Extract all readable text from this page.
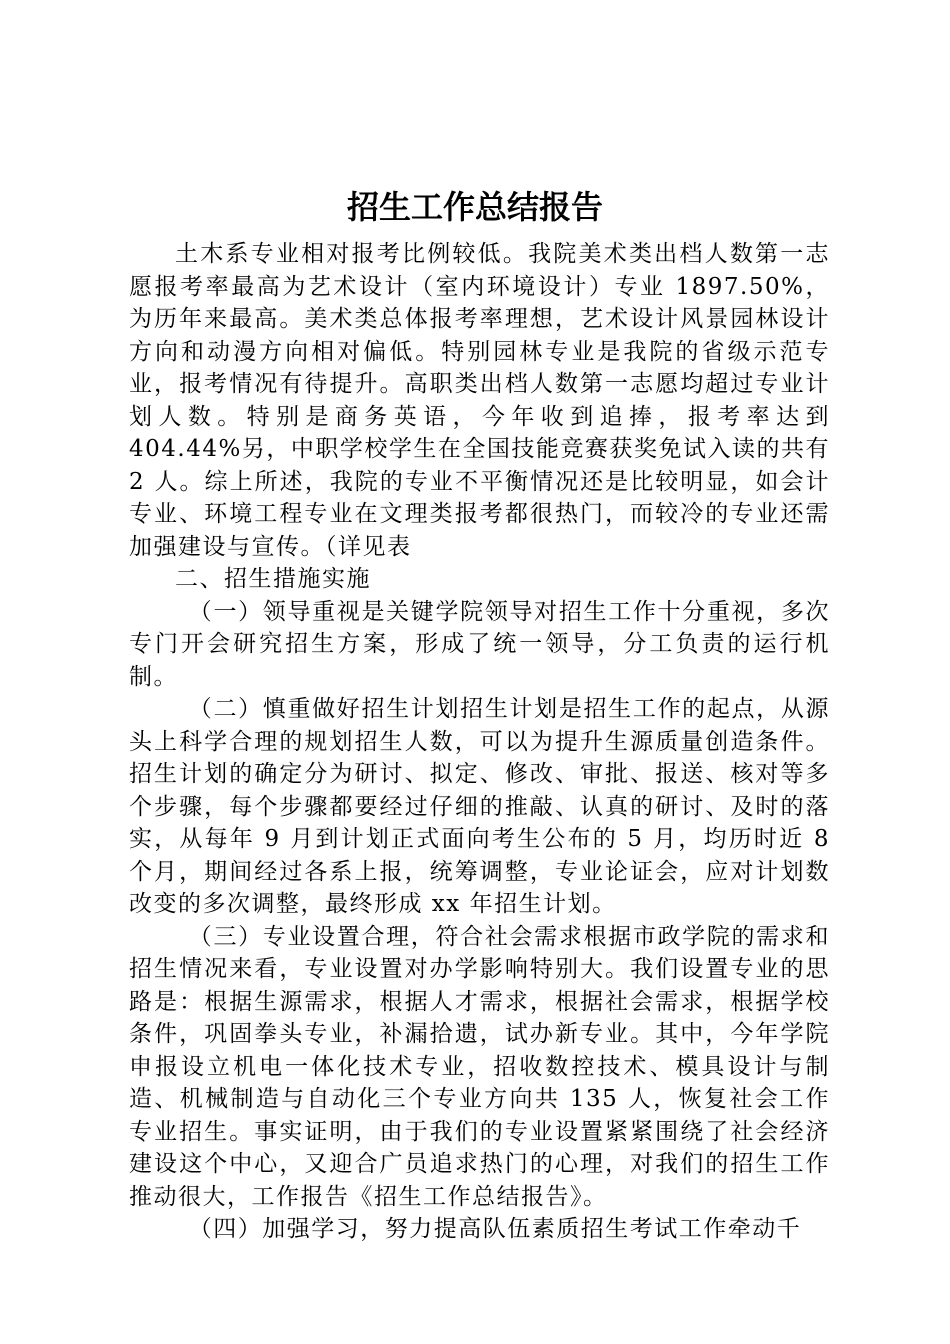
招生工作总结报告

土木系专业相对报考比例较低。我院美术类出档人数第一志愿报考率最高为艺术设计（室内环境设计）专业 1897.50%，为历年来最高。美术类总体报考率理想，艺术设计风景园林设计方向和动漫方向相对偏低。特别园林专业是我院的省级示范专业，报考情况有待提升。高职类出档人数第一志愿均超过专业计划人数。特别是商务英语，今年收到追捧，报考率达到 404.44%另，中职学校学生在全国技能竞赛获奖免试入读的共有 2 人。综上所述，我院的专业不平衡情况还是比较明显，如会计专业、环境工程专业在文理类报考都很热门，而较冷的专业还需加强建设与宣传。（详见表

二、招生措施实施

（一）领导重视是关键学院领导对招生工作十分重视，多次专门开会研究招生方案，形成了统一领导，分工负责的运行机制。

（二）慎重做好招生计划招生计划是招生工作的起点，从源头上科学合理的规划招生人数，可以为提升生源质量创造条件。招生计划的确定分为研讨、拟定、修改、审批、报送、核对等多个步骤，每个步骤都要经过仔细的推敲、认真的研讨、及时的落实，从每年 9 月到计划正式面向考生公布的 5 月，均历时近 8 个月，期间经过各系上报，统筹调整，专业论证会，应对计划数改变的多次调整，最终形成 xx 年招生计划。

（三）专业设置合理，符合社会需求根据市政学院的需求和招生情况来看，专业设置对办学影响特别大。我们设置专业的思路是：根据生源需求，根据人才需求，根据社会需求，根据学校条件，巩固拳头专业，补漏拾遗，试办新专业。其中，今年学院申报设立机电一体化技术专业，招收数控技术、模具设计与制造、机械制造与自动化三个专业方向共 135 人，恢复社会工作专业招生。事实证明，由于我们的专业设置紧紧围绕了社会经济建设这个中心，又迎合广员追求热门的心理，对我们的招生工作推动很大，工作报告《招生工作总结报告》。

（四）加强学习，努力提高队伍素质招生考试工作牵动千
